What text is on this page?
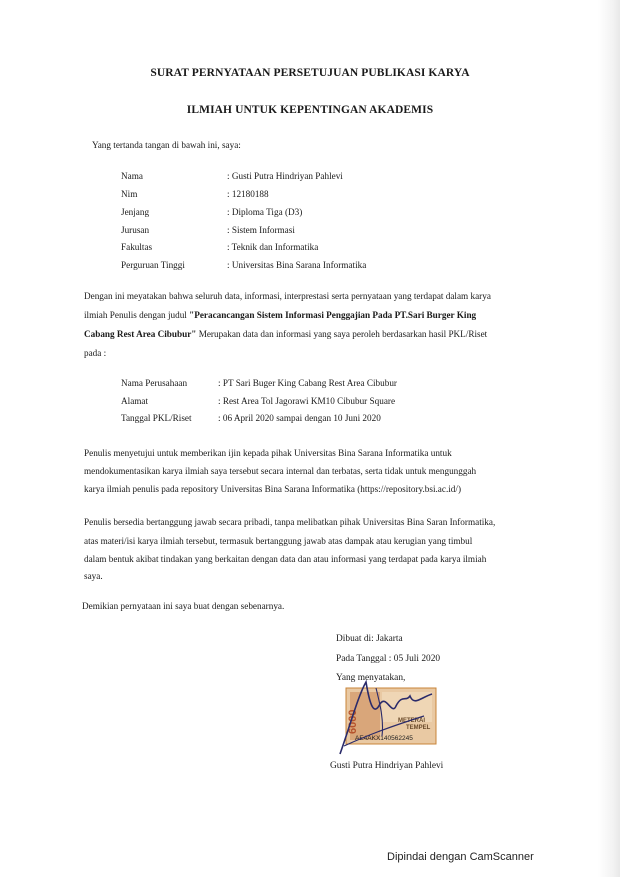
SURAT PERNYATAAN PERSETUJUAN PUBLIKASI KARYA
ILMIAH UNTUK KEPENTINGAN AKADEMIS
Yang tertanda tangan di bawah ini, saya:
Nama	: Gusti Putra Hindriyan Pahlevi
Nim	: 12180188
Jenjang	: Diploma Tiga (D3)
Jurusan	: Sistem Informasi
Fakultas	: Teknik dan Informatika
Perguruan Tinggi	: Universitas Bina Sarana Informatika
Dengan ini meyatakan bahwa seluruh data, informasi, interprestasi serta pernyataan yang terdapat dalam karya
ilmiah Penulis dengan judul "Peracancangan Sistem Informasi Penggajian Pada PT.Sari Burger King
Cabang Rest Area Cibubur" Merupakan data dan informasi yang saya peroleh berdasarkan hasil PKL/Riset
pada :
Nama Perusahaan	: PT Sari Buger King Cabang Rest Area Cibubur
Alamat	: Rest Area Tol Jagorawi KM10 Cibubur Square
Tanggal PKL/Riset	: 06 April 2020 sampai dengan 10 Juni 2020
Penulis menyetujui untuk memberikan ijin kepada pihak Universitas Bina Sarana Informatika untuk
mendokumentasikan karya ilmiah saya tersebut secara internal dan terbatas, serta tidak untuk mengunggah
karya ilmiah penulis pada repository Universitas Bina Sarana Informatika (https://repository.bsi.ac.id/)
Penulis bersedia bertanggung jawab secara pribadi, tanpa melibatkan pihak Universitas Bina Saran Informatika,
atas materi/isi karya ilmiah tersebut, termasuk bertanggung jawab atas dampak atau kerugian yang timbul
dalam bentuk akibat tindakan yang berkaitan dengan data dan atau informasi yang terdapat pada karya ilmiah
saya.
Demikian pernyataan ini saya buat dengan sebenarnya.
Dibuat di: Jakarta
Pada Tanggal : 05 Juli 2020
Yang menyatakan,
6000	METERAI
TEMPEL
AE4AKX140562245
Gusti Putra Hindriyan Pahlevi
Dipindai dengan CamScanner
